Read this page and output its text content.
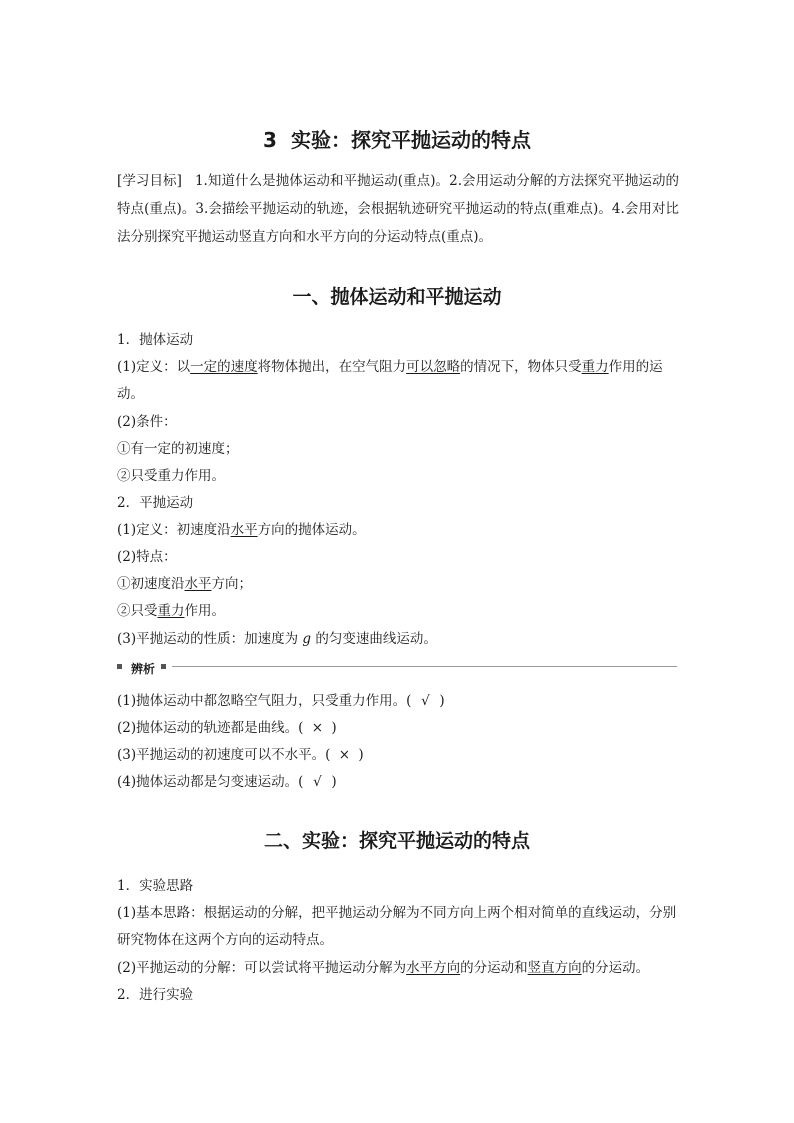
3 实验：探究平抛运动的特点
[学习目标] 1.知道什么是抛体运动和平抛运动(重点)。2.会用运动分解的方法探究平抛运动的特点(重点)。3.会描绘平抛运动的轨迹，会根据轨迹研究平抛运动的特点(重难点)。4.会用对比法分别探究平抛运动竖直方向和水平方向的分运动特点(重点)。
一、抛体运动和平抛运动
1．抛体运动
(1)定义：以一定的速度将物体抛出，在空气阻力可以忽略的情况下，物体只受重力作用的运动。
(2)条件：
①有一定的初速度；
②只受重力作用。
2．平抛运动
(1)定义：初速度沿水平方向的抛体运动。
(2)特点：
①初速度沿水平方向；
②只受重力作用。
(3)平抛运动的性质：加速度为 g 的匀变速曲线运动。
辨析
(1)抛体运动中都忽略空气阻力，只受重力作用。( √ )
(2)抛体运动的轨迹都是曲线。( × )
(3)平抛运动的初速度可以不水平。( × )
(4)抛体运动都是匀变速运动。( √ )
二、实验：探究平抛运动的特点
1．实验思路
(1)基本思路：根据运动的分解，把平抛运动分解为不同方向上两个相对简单的直线运动，分别研究物体在这两个方向的运动特点。
(2)平抛运动的分解：可以尝试将平抛运动分解为水平方向的分运动和竖直方向的分运动。
2．进行实验
